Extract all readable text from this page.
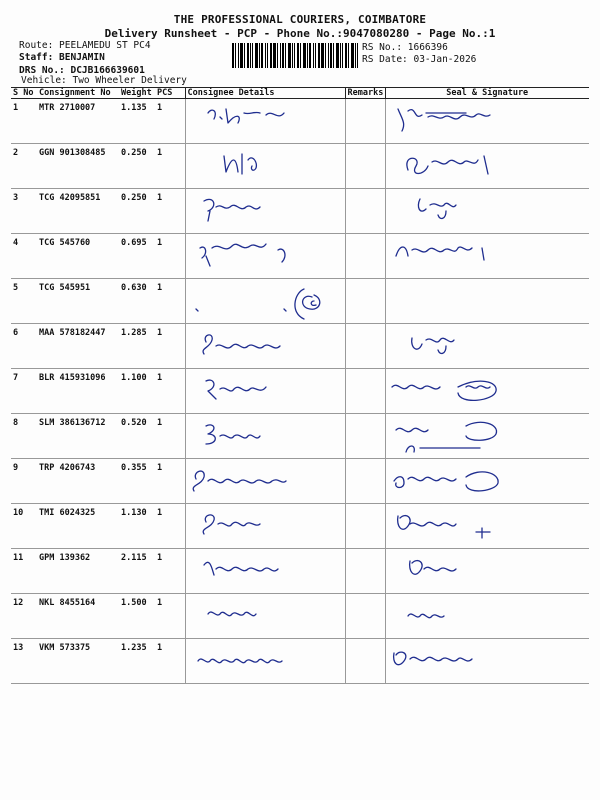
THE PROFESSIONAL COURIERS, COIMBATORE
Delivery Runsheet - PCP - Phone No.:9047080280 - Page No.:1
Route: PEELAMEDU ST PC4
Staff: BENJAMIN
DRS No.: DCJB166639601
Vehicle: Two Wheeler Delivery
RS No.: 1666396
RS Date: 03-Jan-2026
S No	Consignment No	Weight	PCS	Consignee Details	Remarks	Seal & Signature
1	MTR 2710007	1.135	1	

2	GGN 901308485	0.250	1	

3	TCG 42095851	0.250	1	

4	TCG 545760	0.695	1	

5	TCG 545951	0.630	1	

6	MAA 578182447	1.285	1	

7	BLR 415931096	1.100	1	

8	SLM 386136712	0.520	1	

9	TRP 4206743	0.355	1	

10	TMI 6024325	1.130	1	

11	GPM 139362	2.115	1	

12	NKL 8455164	1.500	1	

13	VKM 573375	1.235	1	
